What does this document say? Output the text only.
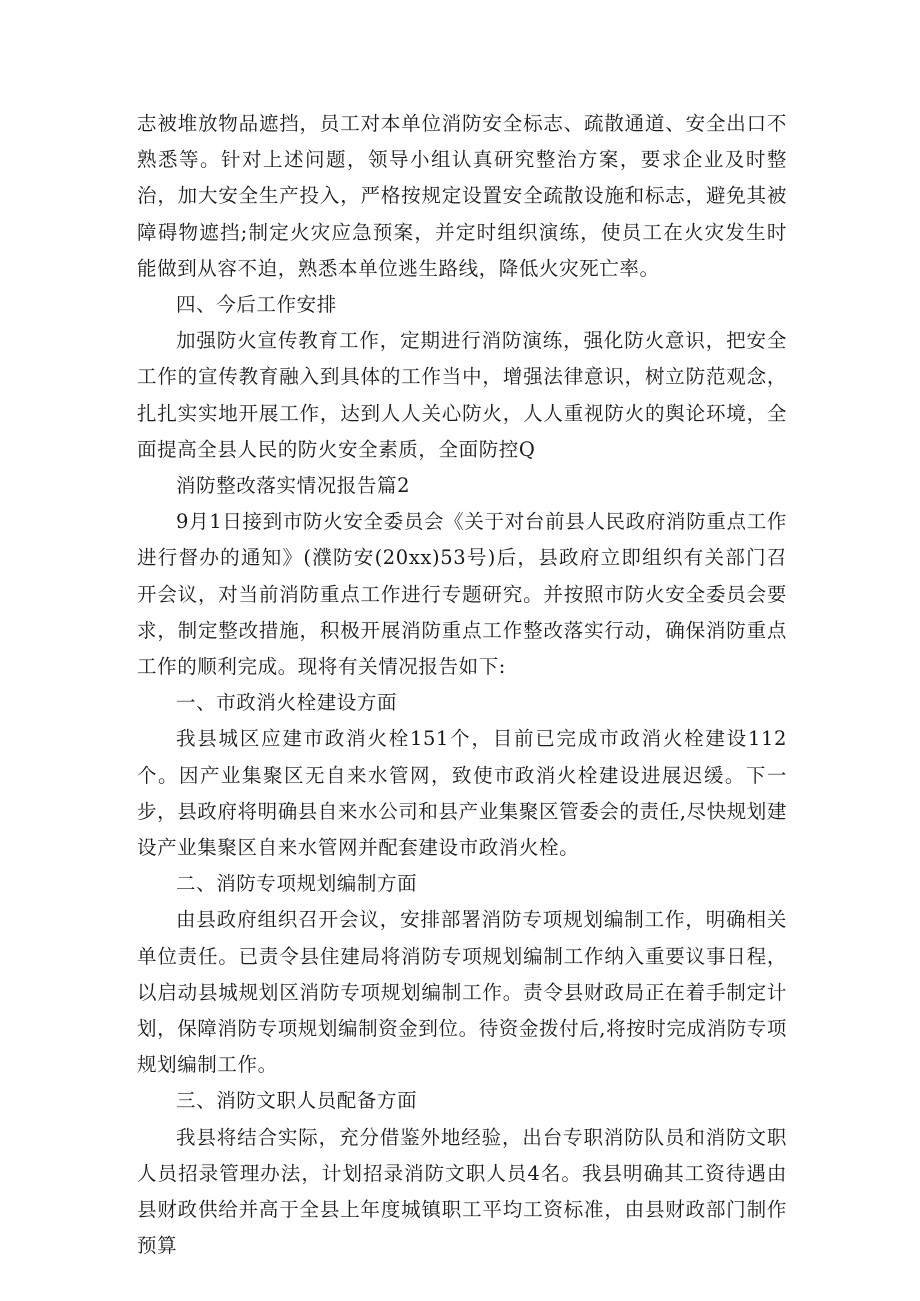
志被堆放物品遮挡，员工对本单位消防安全标志、疏散通道、安全出口不熟悉等。针对上述问题，领导小组认真研究整治方案，要求企业及时整治，加大安全生产投入，严格按规定设置安全疏散设施和标志，避免其被障碍物遮挡;制定火灾应急预案，并定时组织演练，使员工在火灾发生时能做到从容不迫，熟悉本单位逃生路线，降低火灾死亡率。

四、今后工作安排

加强防火宣传教育工作，定期进行消防演练，强化防火意识，把安全工作的宣传教育融入到具体的工作当中，增强法律意识，树立防范观念，扎扎实实地开展工作，达到人人关心防火，人人重视防火的舆论环境，全面提高全县人民的防火安全素质，全面防控Q

消防整改落实情况报告篇2

9月1日接到市防火安全委员会《关于对台前县人民政府消防重点工作进行督办的通知》(濮防安(20xx)53号)后，县政府立即组织有关部门召开会议，对当前消防重点工作进行专题研究。并按照市防火安全委员会要求，制定整改措施，积极开展消防重点工作整改落实行动，确保消防重点工作的顺利完成。现将有关情况报告如下:

一、市政消火栓建设方面

我县城区应建市政消火栓151个，目前已完成市政消火栓建设112个。因产业集聚区无自来水管网，致使市政消火栓建设进展迟缓。下一步，县政府将明确县自来水公司和县产业集聚区管委会的责任,尽快规划建设产业集聚区自来水管网并配套建设市政消火栓。

二、消防专项规划编制方面

由县政府组织召开会议，安排部署消防专项规划编制工作，明确相关单位责任。已责令县住建局将消防专项规划编制工作纳入重要议事日程，以启动县城规划区消防专项规划编制工作。责令县财政局正在着手制定计划，保障消防专项规划编制资金到位。待资金拨付后,将按时完成消防专项规划编制工作。

三、消防文职人员配备方面

我县将结合实际，充分借鉴外地经验，出台专职消防队员和消防文职人员招录管理办法，计划招录消防文职人员4名。我县明确其工资待遇由县财政供给并高于全县上年度城镇职工平均工资标准，由县财政部门制作预算
